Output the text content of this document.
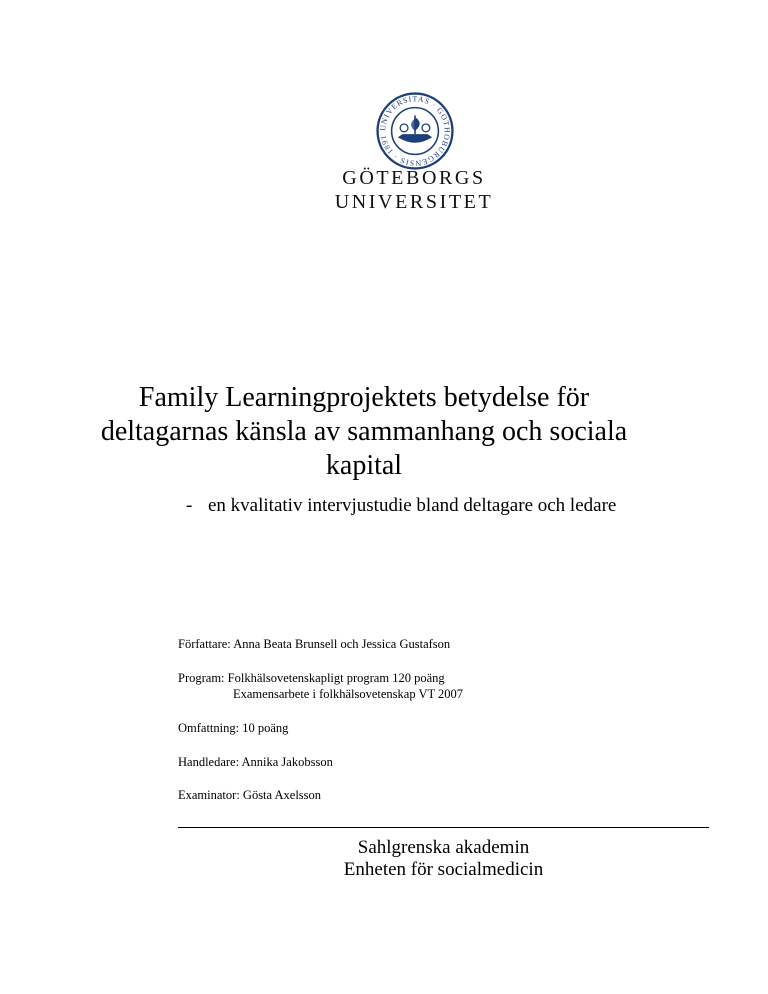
UNIVERSITAS · GOTHOBURGENSIS · 1891
GÖTEBORGS
UNIVERSITET
Family Learningprojektets betydelse för deltagarnas känsla av sammanhang och sociala kapital
- en kvalitativ intervjustudie bland deltagare och ledare
Författare: Anna Beata Brunsell och Jessica Gustafson
Program: Folkhälsovetenskapligt program 120 poäng
Examensarbete i folkhälsovetenskap VT 2007
Omfattning: 10 poäng
Handledare: Annika Jakobsson
Examinator: Gösta Axelsson
Sahlgrenska akademin
Enheten för socialmedicin
